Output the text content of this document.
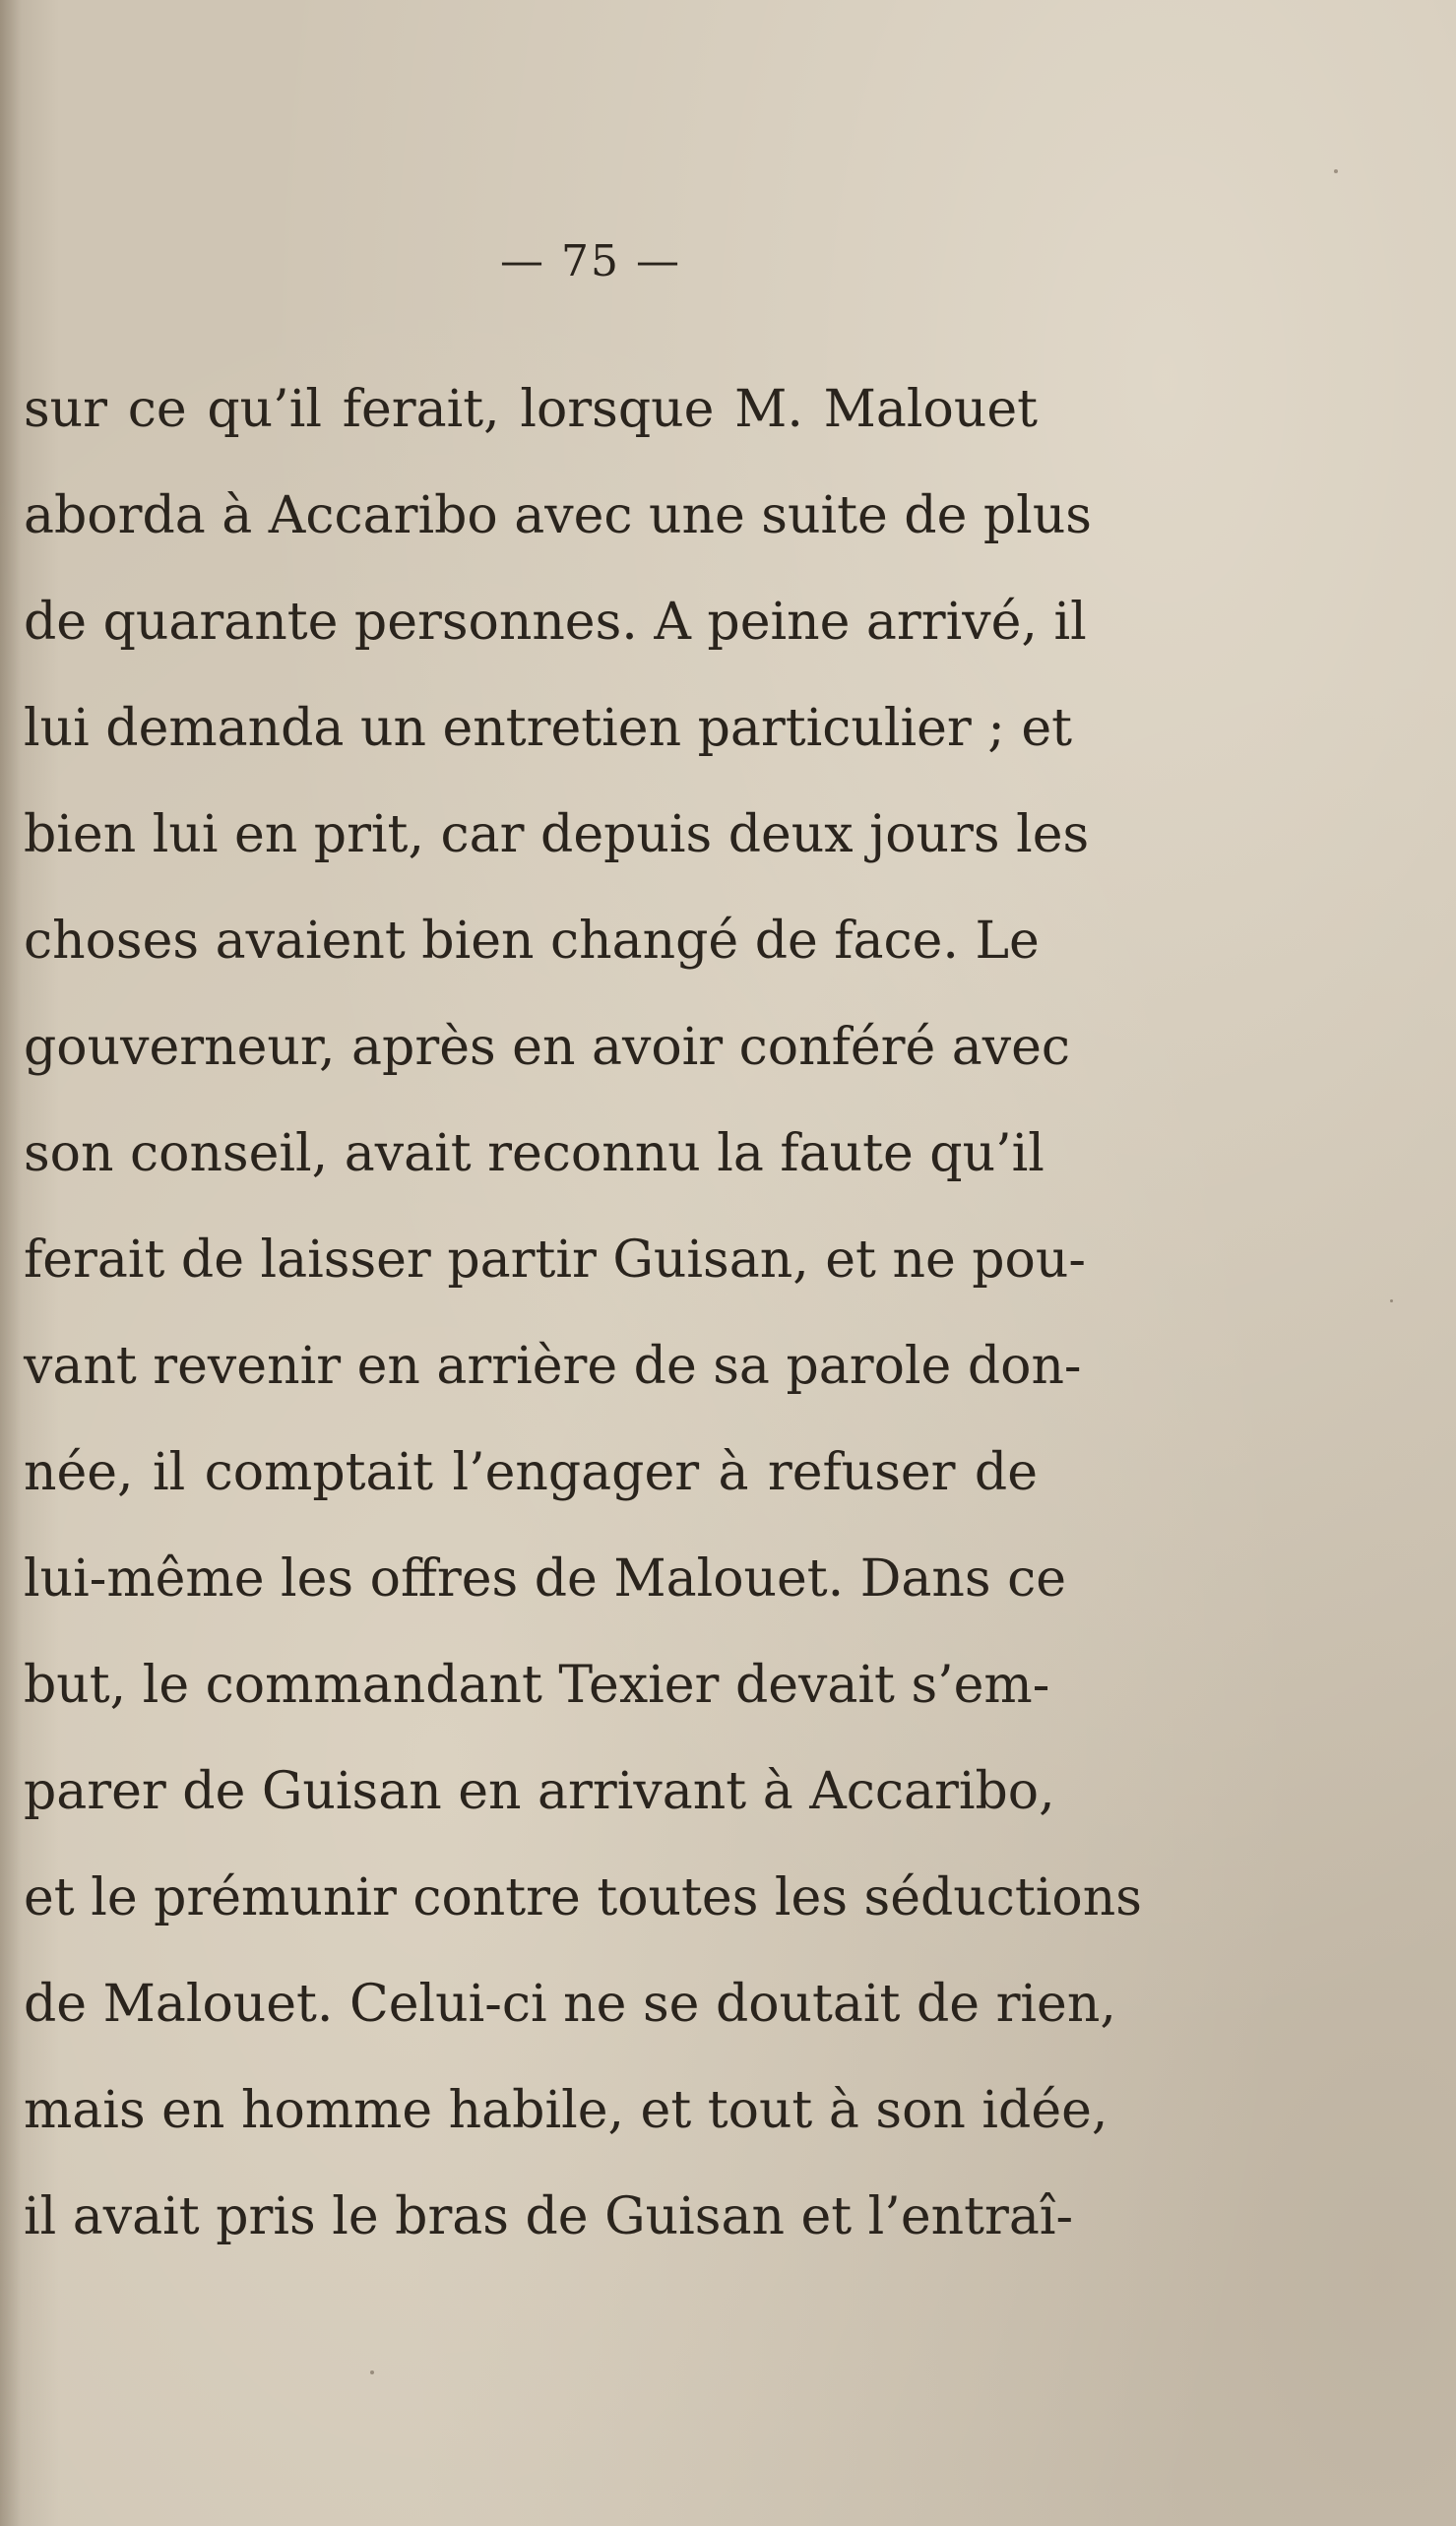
— 75 —
sur ce qu’il ferait, lorsque M. Malouet
aborda à Accaribo avec une suite de plus
de quarante personnes. A peine arrivé, il
lui demanda un entretien particulier ; et
bien lui en prit, car depuis deux jours les
choses avaient bien changé de face. Le
gouverneur, après en avoir conféré avec
son conseil, avait reconnu la faute qu’il
ferait de laisser partir Guisan, et ne pou-
vant revenir en arrière de sa parole don-
née, il comptait l’engager à refuser de
lui-même les offres de Malouet. Dans ce
but, le commandant Texier devait s’em-
parer de Guisan en arrivant à Accaribo,
et le prémunir contre toutes les séductions
de Malouet. Celui-ci ne se doutait de rien,
mais en homme habile, et tout à son idée,
il avait pris le bras de Guisan et l’entraî-
